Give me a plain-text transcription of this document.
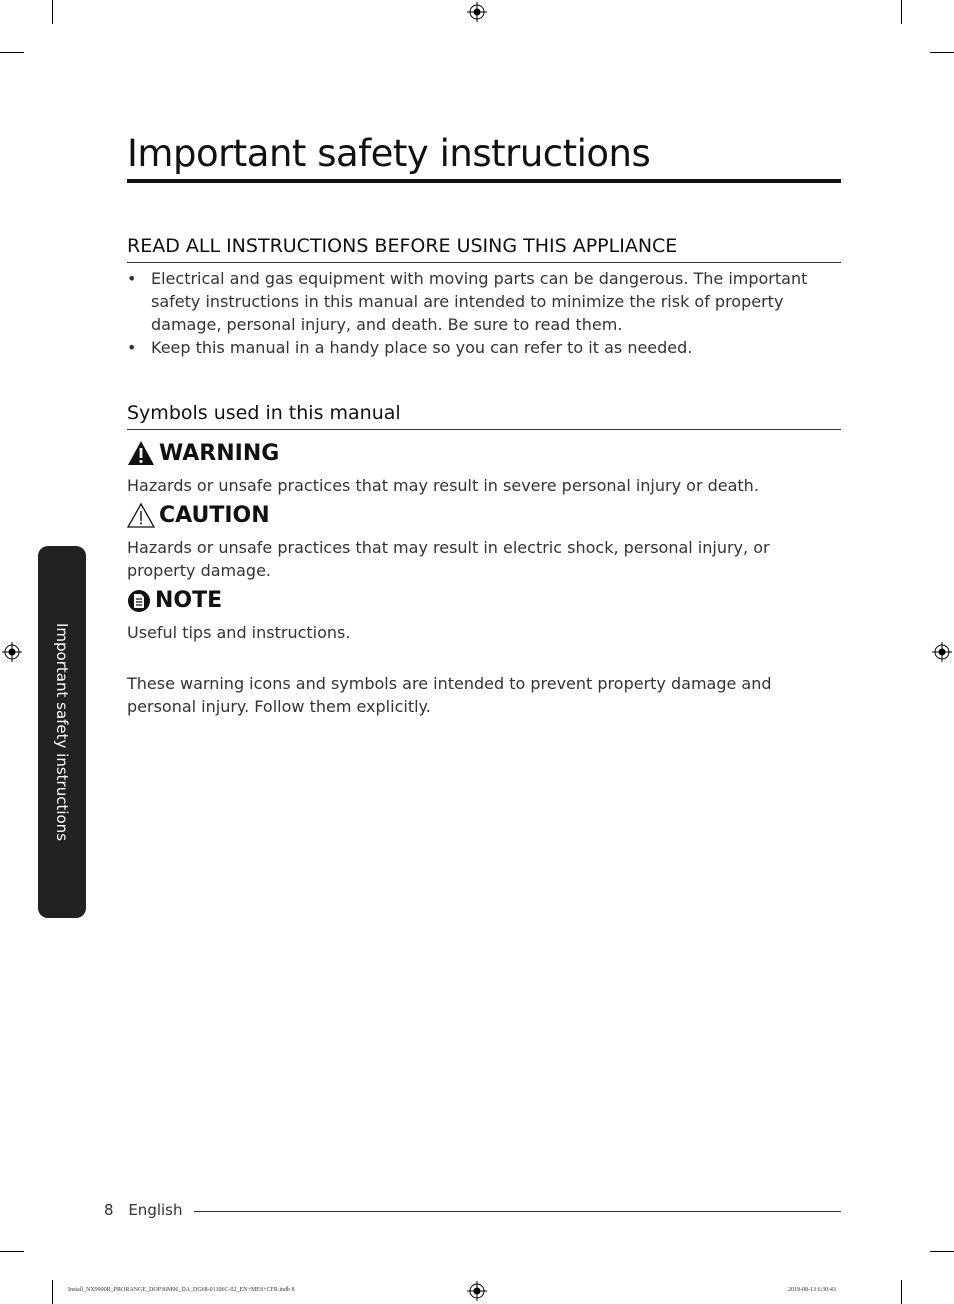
Important safety instructions
Important safety instructions
READ ALL INSTRUCTIONS BEFORE USING THIS APPLIANCE
• Electrical and gas equipment with moving parts can be dangerous. The important safety instructions in this manual are intended to minimize the risk of property damage, personal injury, and death. Be sure to read them.
• Keep this manual in a handy place so you can refer to it as needed.
Symbols used in this manual
WARNING
Hazards or unsafe practices that may result in severe personal injury or death.
CAUTION
Hazards or unsafe practices that may result in electric shock, personal injury, or property damage.
NOTE
Useful tips and instructions.
These warning icons and symbols are intended to prevent property damage and personal injury. Follow them explicitly.
8 English
Install_NX9900R_PRORANGE_DOP36M96_DA_DG68-01106C-02_EN+MES+CFR.indb 8	2019-08-13 6:30:43
